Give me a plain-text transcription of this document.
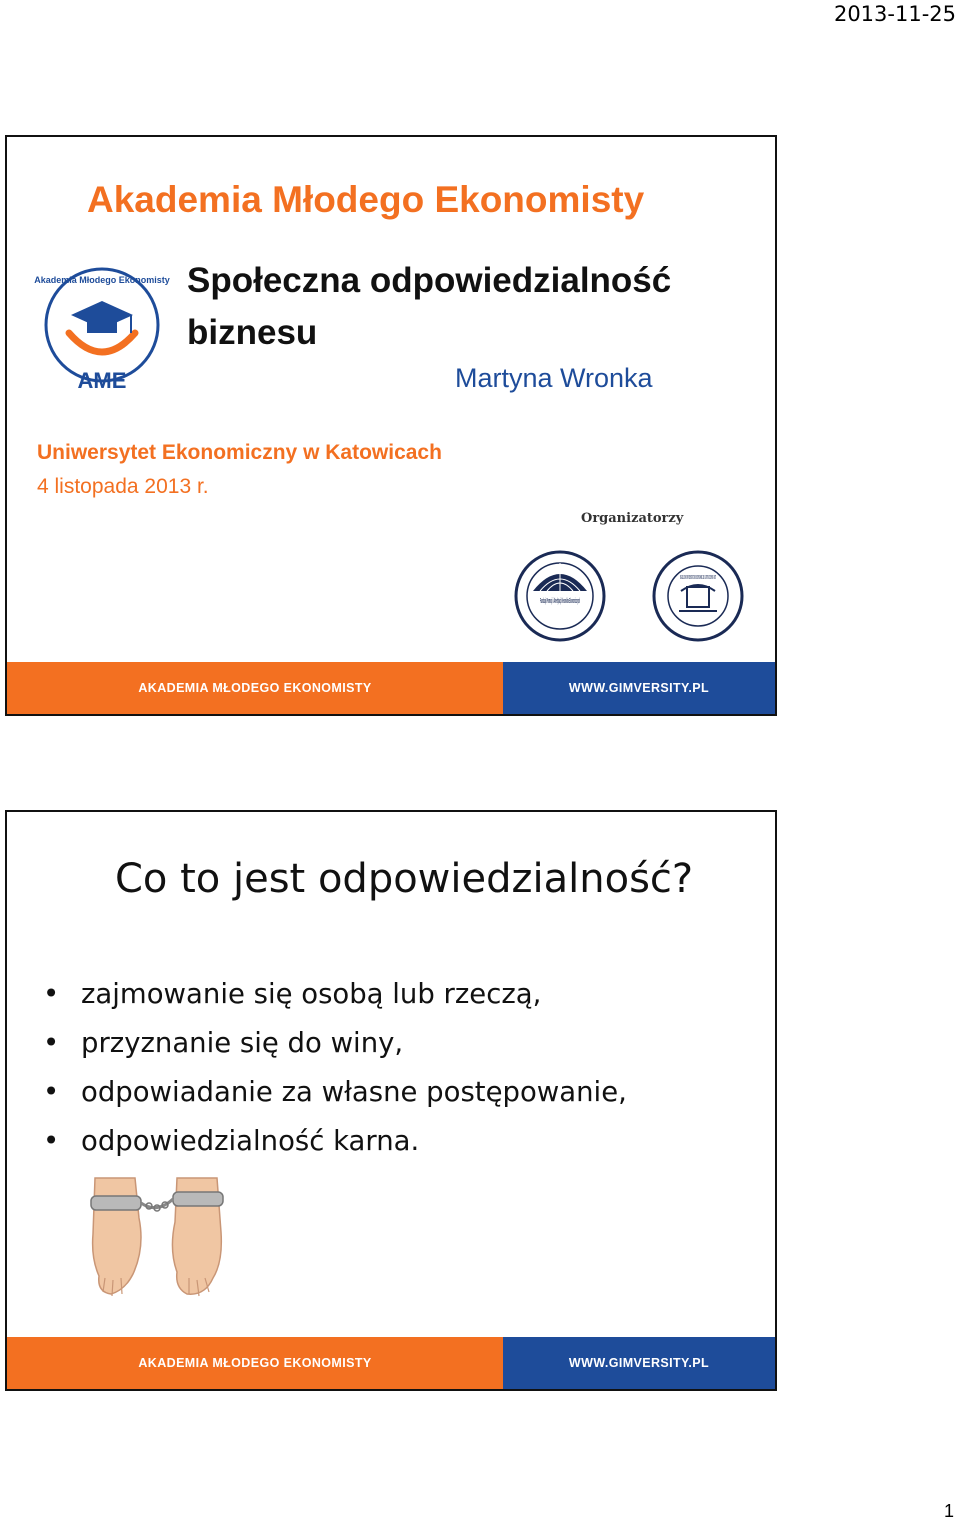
2013-11-25
Akademia Młodego Ekonomisty
AME
Akademia Młodego Ekonomisty Społeczna odpowiedzialność
biznesu
Martyna Wronka
Uniwersytet Ekonomiczny w Katowicach
4 listopada 2013 r.
Organizatorzy
Fundacja Promocji i Akredytacji Kierunków Ekonomicznych
SIGILLUM UNIVERSITATIS OECONOMICAE CATOVICIENSIS 1937
AKADEMIA MŁODEGO EKONOMISTY	WWW.GIMVERSITY.PL
Co to jest odpowiedzialność?
• zajmowanie się osobą lub rzeczą,
• przyznanie się do winy,
• odpowiadanie za własne postępowanie,
• odpowiedzialność karna.
AKADEMIA MŁODEGO EKONOMISTY	WWW.GIMVERSITY.PL
1
